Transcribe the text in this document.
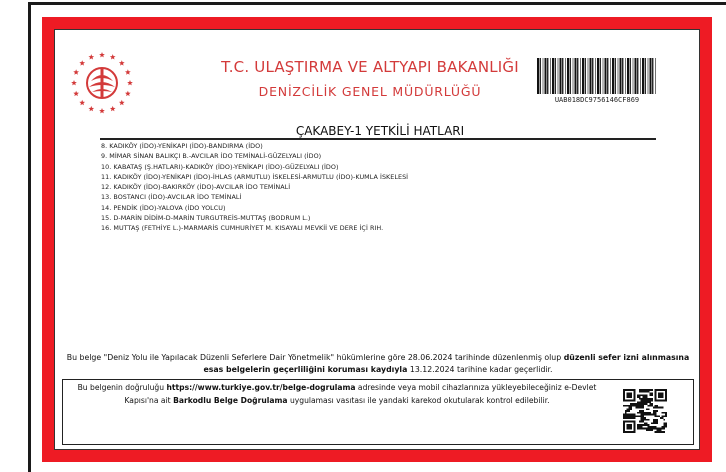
T.C. ULAŞTIRMA VE ALTYAPI BAKANLIĞI
DENİZCİLİK GENEL MÜDÜRLÜĞÜ
UAB018DC9756146CF869
ÇAKABEY-1 YETKİLİ HATLARI
8. KADIKÖY (İDO)-YENİKAPI (İDO)-BANDIRMA (İDO)
9. MİMAR SİNAN BALIKÇI B.-AVCILAR İDO TEMİNALİ-GÜZELYALI (İDO)
10. KABATAŞ (Ş.HATLARI)-KADIKÖY (İDO)-YENİKAPI (İDO)-GÜZELYALI (İDO)
11. KADIKÖY (İDO)-YENİKAPI (İDO)-İHLAS (ARMUTLU) İSKELESİ-ARMUTLU (İDO)-KUMLA İSKELESİ
12. KADIKÖY (İDO)-BAKIRKÖY (İDO)-AVCILAR İDO TEMİNALİ
13. BOSTANCI (İDO)-AVCILAR İDO TEMİNALİ
14. PENDİK (İDO)-YALOVA (İDO YOLCU)
15. D-MARİN DİDİM-D-MARİN TURGUTREİS-MUTTAŞ (BODRUM L.)
16. MUTTAŞ (FETHİYE L.)-MARMARİS CUMHURİYET M. KISAYALI MEVKİİ VE DERE İÇİ RIH.
Bu belge "Deniz Yolu ile Yapılacak Düzenli Seferlere Dair Yönetmelik" hükümlerine göre 28.06.2024 tarihinde düzenlenmiş olup düzenli sefer izni alınmasına esas belgelerin geçerliliğini koruması kaydıyla 13.12.2024 tarihine kadar geçerlidir.
Bu belgenin doğruluğu https://www.turkiye.gov.tr/belge-dogrulama adresinde veya mobil cihazlarınıza yükleyebileceğiniz e-Devlet Kapısı'na ait Barkodlu Belge Doğrulama uygulaması vasıtası ile yandaki karekod okutularak kontrol edilebilir.
